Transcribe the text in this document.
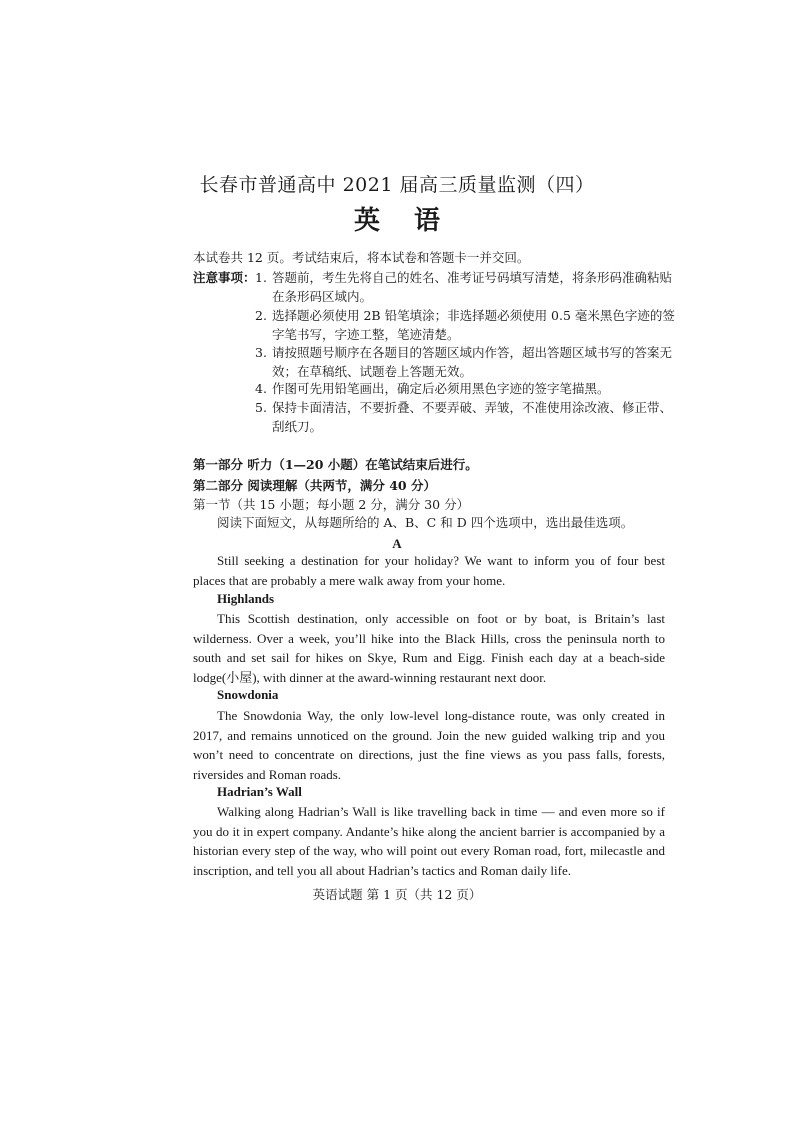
长春市普通高中 2021 届高三质量监测（四）
英语
本试卷共 12 页。考试结束后，将本试卷和答题卡一并交回。
注意事项： 1. 答题前，考生先将自己的姓名、准考证号码填写清楚，将条形码准确粘贴在条形码区域内。
2. 选择题必须使用 2B 铅笔填涂；非选择题必须使用 0.5 毫米黑色字迹的签字笔书写，字迹工整，笔迹清楚。
3. 请按照题号顺序在各题目的答题区域内作答，超出答题区域书写的答案无效；在草稿纸、试题卷上答题无效。
4. 作图可先用铅笔画出，确定后必须用黑色字迹的签字笔描黑。
5. 保持卡面清洁，不要折叠、不要弄破、弄皱，不准使用涂改液、修正带、刮纸刀。
第一部分 听力（1—20 小题）在笔试结束后进行。
第二部分 阅读理解（共两节，满分 40 分）
第一节（共 15 小题；每小题 2 分，满分 30 分）
阅读下面短文，从每题所给的 A、B、C 和 D 四个选项中，选出最佳选项。
A
Still seeking a destination for your holiday? We want to inform you of four best places that are probably a mere walk away from your home.
Highlands
This Scottish destination, only accessible on foot or by boat, is Britain’s last wilderness. Over a week, you’ll hike into the Black Hills, cross the peninsula north to south and set sail for hikes on Skye, Rum and Eigg. Finish each day at a beach-side lodge(小屋), with dinner at the award-winning restaurant next door.
Snowdonia
The Snowdonia Way, the only low-level long-distance route, was only created in 2017, and remains unnoticed on the ground. Join the new guided walking trip and you won’t need to concentrate on directions, just the fine views as you pass falls, forests, riversides and Roman roads.
Hadrian’s Wall
Walking along Hadrian’s Wall is like travelling back in time — and even more so if you do it in expert company. Andante’s hike along the ancient barrier is accompanied by a historian every step of the way, who will point out every Roman road, fort, milecastle and inscription, and tell you all about Hadrian’s tactics and Roman daily life.
英语试题 第 1 页（共 12 页）
